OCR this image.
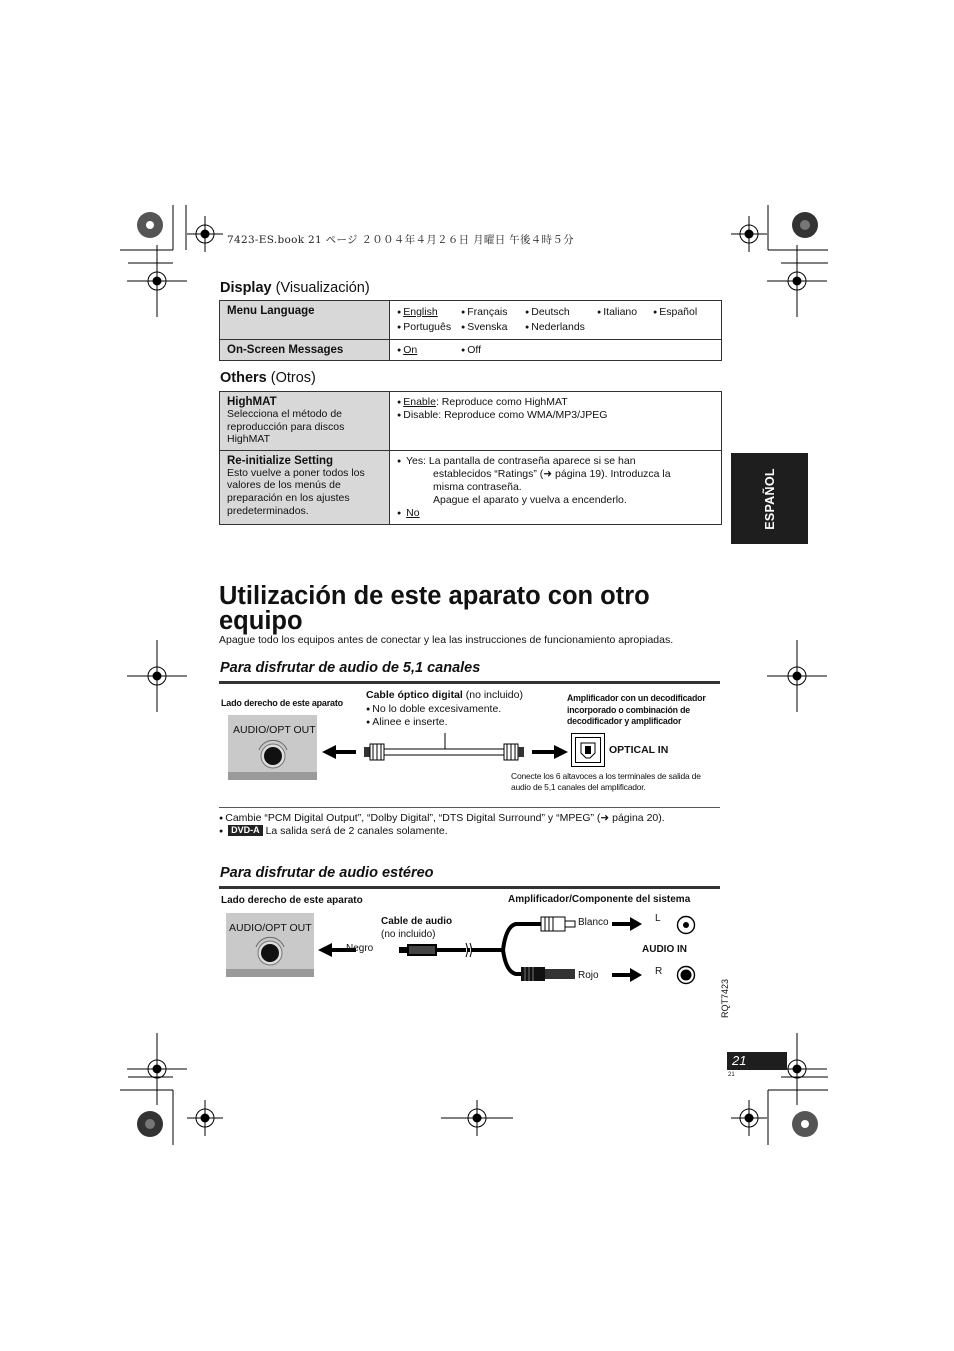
7423-ES.book 21 ページ ２００４年４月２６日 月曜日 午後４時５分
Display (Visualización)
Menu Language	● English ● Français ● Deutsch ● Italiano ● Español
● Português ● Svenska ● Nederlands

On-Screen Messages	● On ● Off
Others (Otros)
HighMAT
Selecciona el método de reproducción para discos HighMAT
	● Enable: Reproduce como HighMAT
● Disable: Reproduce como WMA/MP3/JPEG

Re-initialize Setting
Esto vuelve a poner todos los valores de los menús de preparación en los ajustes predeterminados.
	● Yes: La pantalla de contraseña aparece si se han
establecidos “Ratings” (➜ página 19). Introduzca la
misma contraseña.
Apague el aparato y vuelva a encenderlo.
● No	ESPAÑOL
Utilización de este aparato con otro
equipo
Apague todo los equipos antes de conectar y lea las instrucciones de funcionamiento apropiadas.
Para disfrutar de audio de 5,1 canales
Lado derecho de este aparato
AUDIO/OPT OUT
Cable óptico digital (no incluido)
● No lo doble excesivamente.
● Alinee e inserte.
Amplificador con un decodificador
incorporado o combinación de
decodificador y amplificador
OPTICAL IN
Conecte los 6 altavoces a los terminales de salida de
audio de 5,1 canales del amplificador.
● Cambie “PCM Digital Output”, “Dolby Digital”, “DTS Digital Surround” y “MPEG” (➜ página 20).
● DVD-A La salida será de 2 canales solamente.
Para disfrutar de audio estéreo
Lado derecho de este aparato	Amplificador/Componente del sistema
AUDIO/OPT OUT
Cable de audio
(no incluido)
Negro
Blanco
Rojo
L
R
AUDIO IN
RQT7423
21
21
